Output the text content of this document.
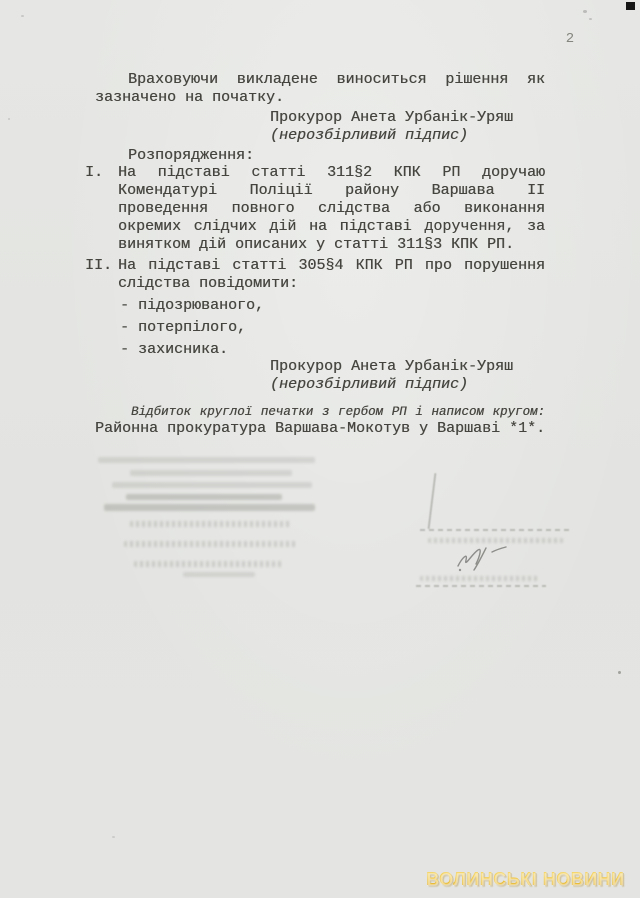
2
Враховуючи викладене виноситься рішення як
зазначено на початку.
Прокурор Анета Урбанік-Уряш
(нерозбірливий підпис)
Розпорядження:
І. На підставі статті 311§2 КПК РП доручаю
Комендатурі Поліції району Варшава ІІ
проведення повного слідства або виконання
окремих слідчих дій на підставі доручення, за
винятком дій описаних у статті 311§3 КПК РП.
ІІ. На підставі статті 305§4 КПК РП про порушення
слідства повідомити:
- підозрюваного,
- потерпілого,
- захисника.
Прокурор Анета Урбанік-Уряш
(нерозбірливий підпис)
Відбиток круглої печатки з гербом РП і написом кругом:
Районна прокуратура Варшава-Мокотув у Варшаві *1*.
ВОЛИНСЬКІ НОВИНИ
